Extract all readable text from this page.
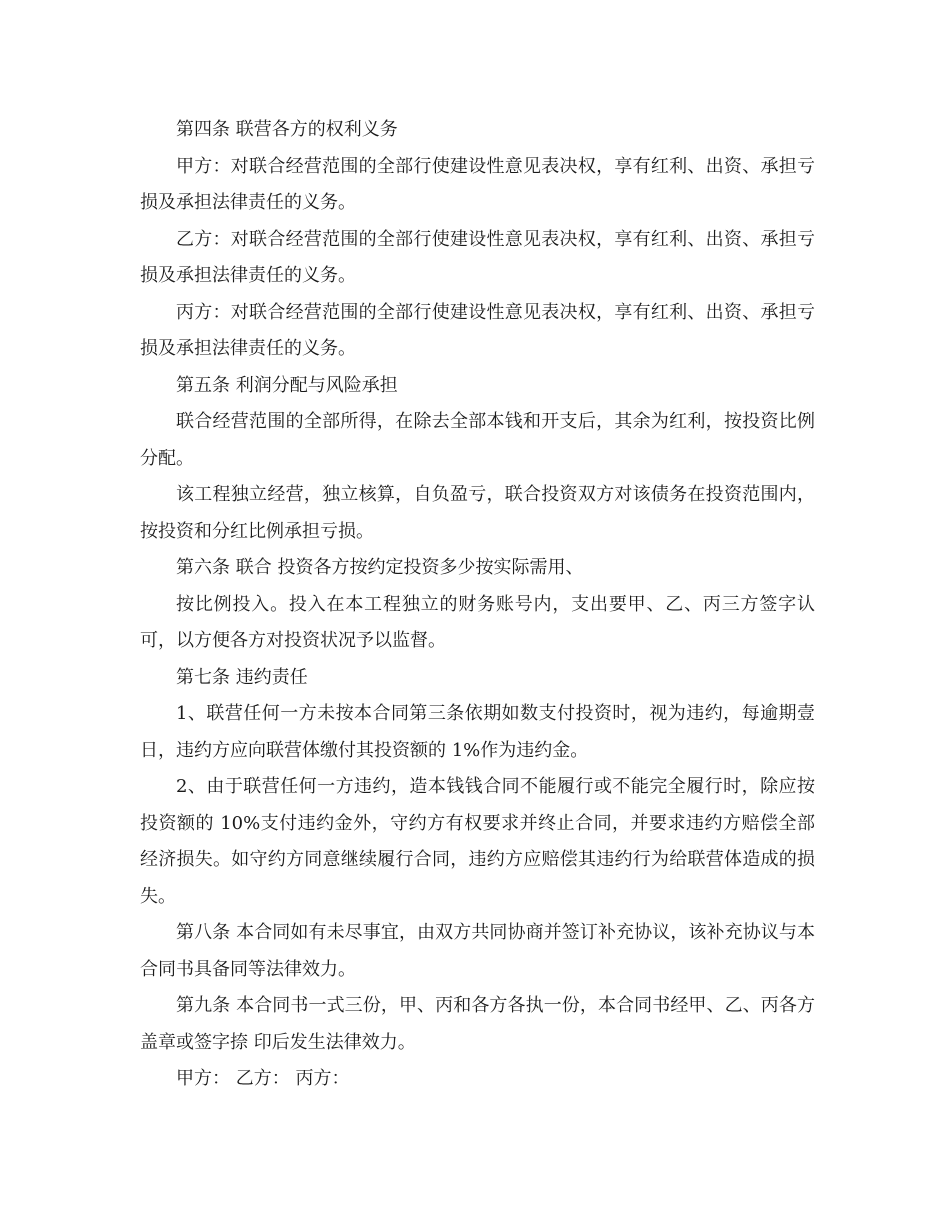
第四条 联营各方的权利义务

甲方：对联合经营范围的全部行使建设性意见表决权，享有红利、出资、承担亏损及承担法律责任的义务。

乙方：对联合经营范围的全部行使建设性意见表决权，享有红利、出资、承担亏损及承担法律责任的义务。

丙方：对联合经营范围的全部行使建设性意见表决权，享有红利、出资、承担亏损及承担法律责任的义务。

第五条 利润分配与风险承担

联合经营范围的全部所得，在除去全部本钱和开支后，其余为红利，按投资比例分配。

该工程独立经营，独立核算，自负盈亏，联合投资双方对该债务在投资范围内，按投资和分红比例承担亏损。

第六条 联合 投资各方按约定投资多少按实际需用、

按比例投入。投入在本工程独立的财务账号内，支出要甲、乙、丙三方签字认可，以方便各方对投资状况予以监督。

第七条 违约责任

1、联营任何一方未按本合同第三条依期如数支付投资时，视为违约，每逾期壹日，违约方应向联营体缴付其投资额的 1%作为违约金。

2、由于联营任何一方违约，造本钱钱合同不能履行或不能完全履行时，除应按投资额的 10%支付违约金外，守约方有权要求并终止合同，并要求违约方赔偿全部经济损失。如守约方同意继续履行合同，违约方应赔偿其违约行为给联营体造成的损失。

第八条 本合同如有未尽事宜，由双方共同协商并签订补充协议，该补充协议与本合同书具备同等法律效力。

第九条 本合同书一式三份，甲、丙和各方各执一份，本合同书经甲、乙、丙各方盖章或签字捺 印后发生法律效力。

甲方： 乙方： 丙方：
